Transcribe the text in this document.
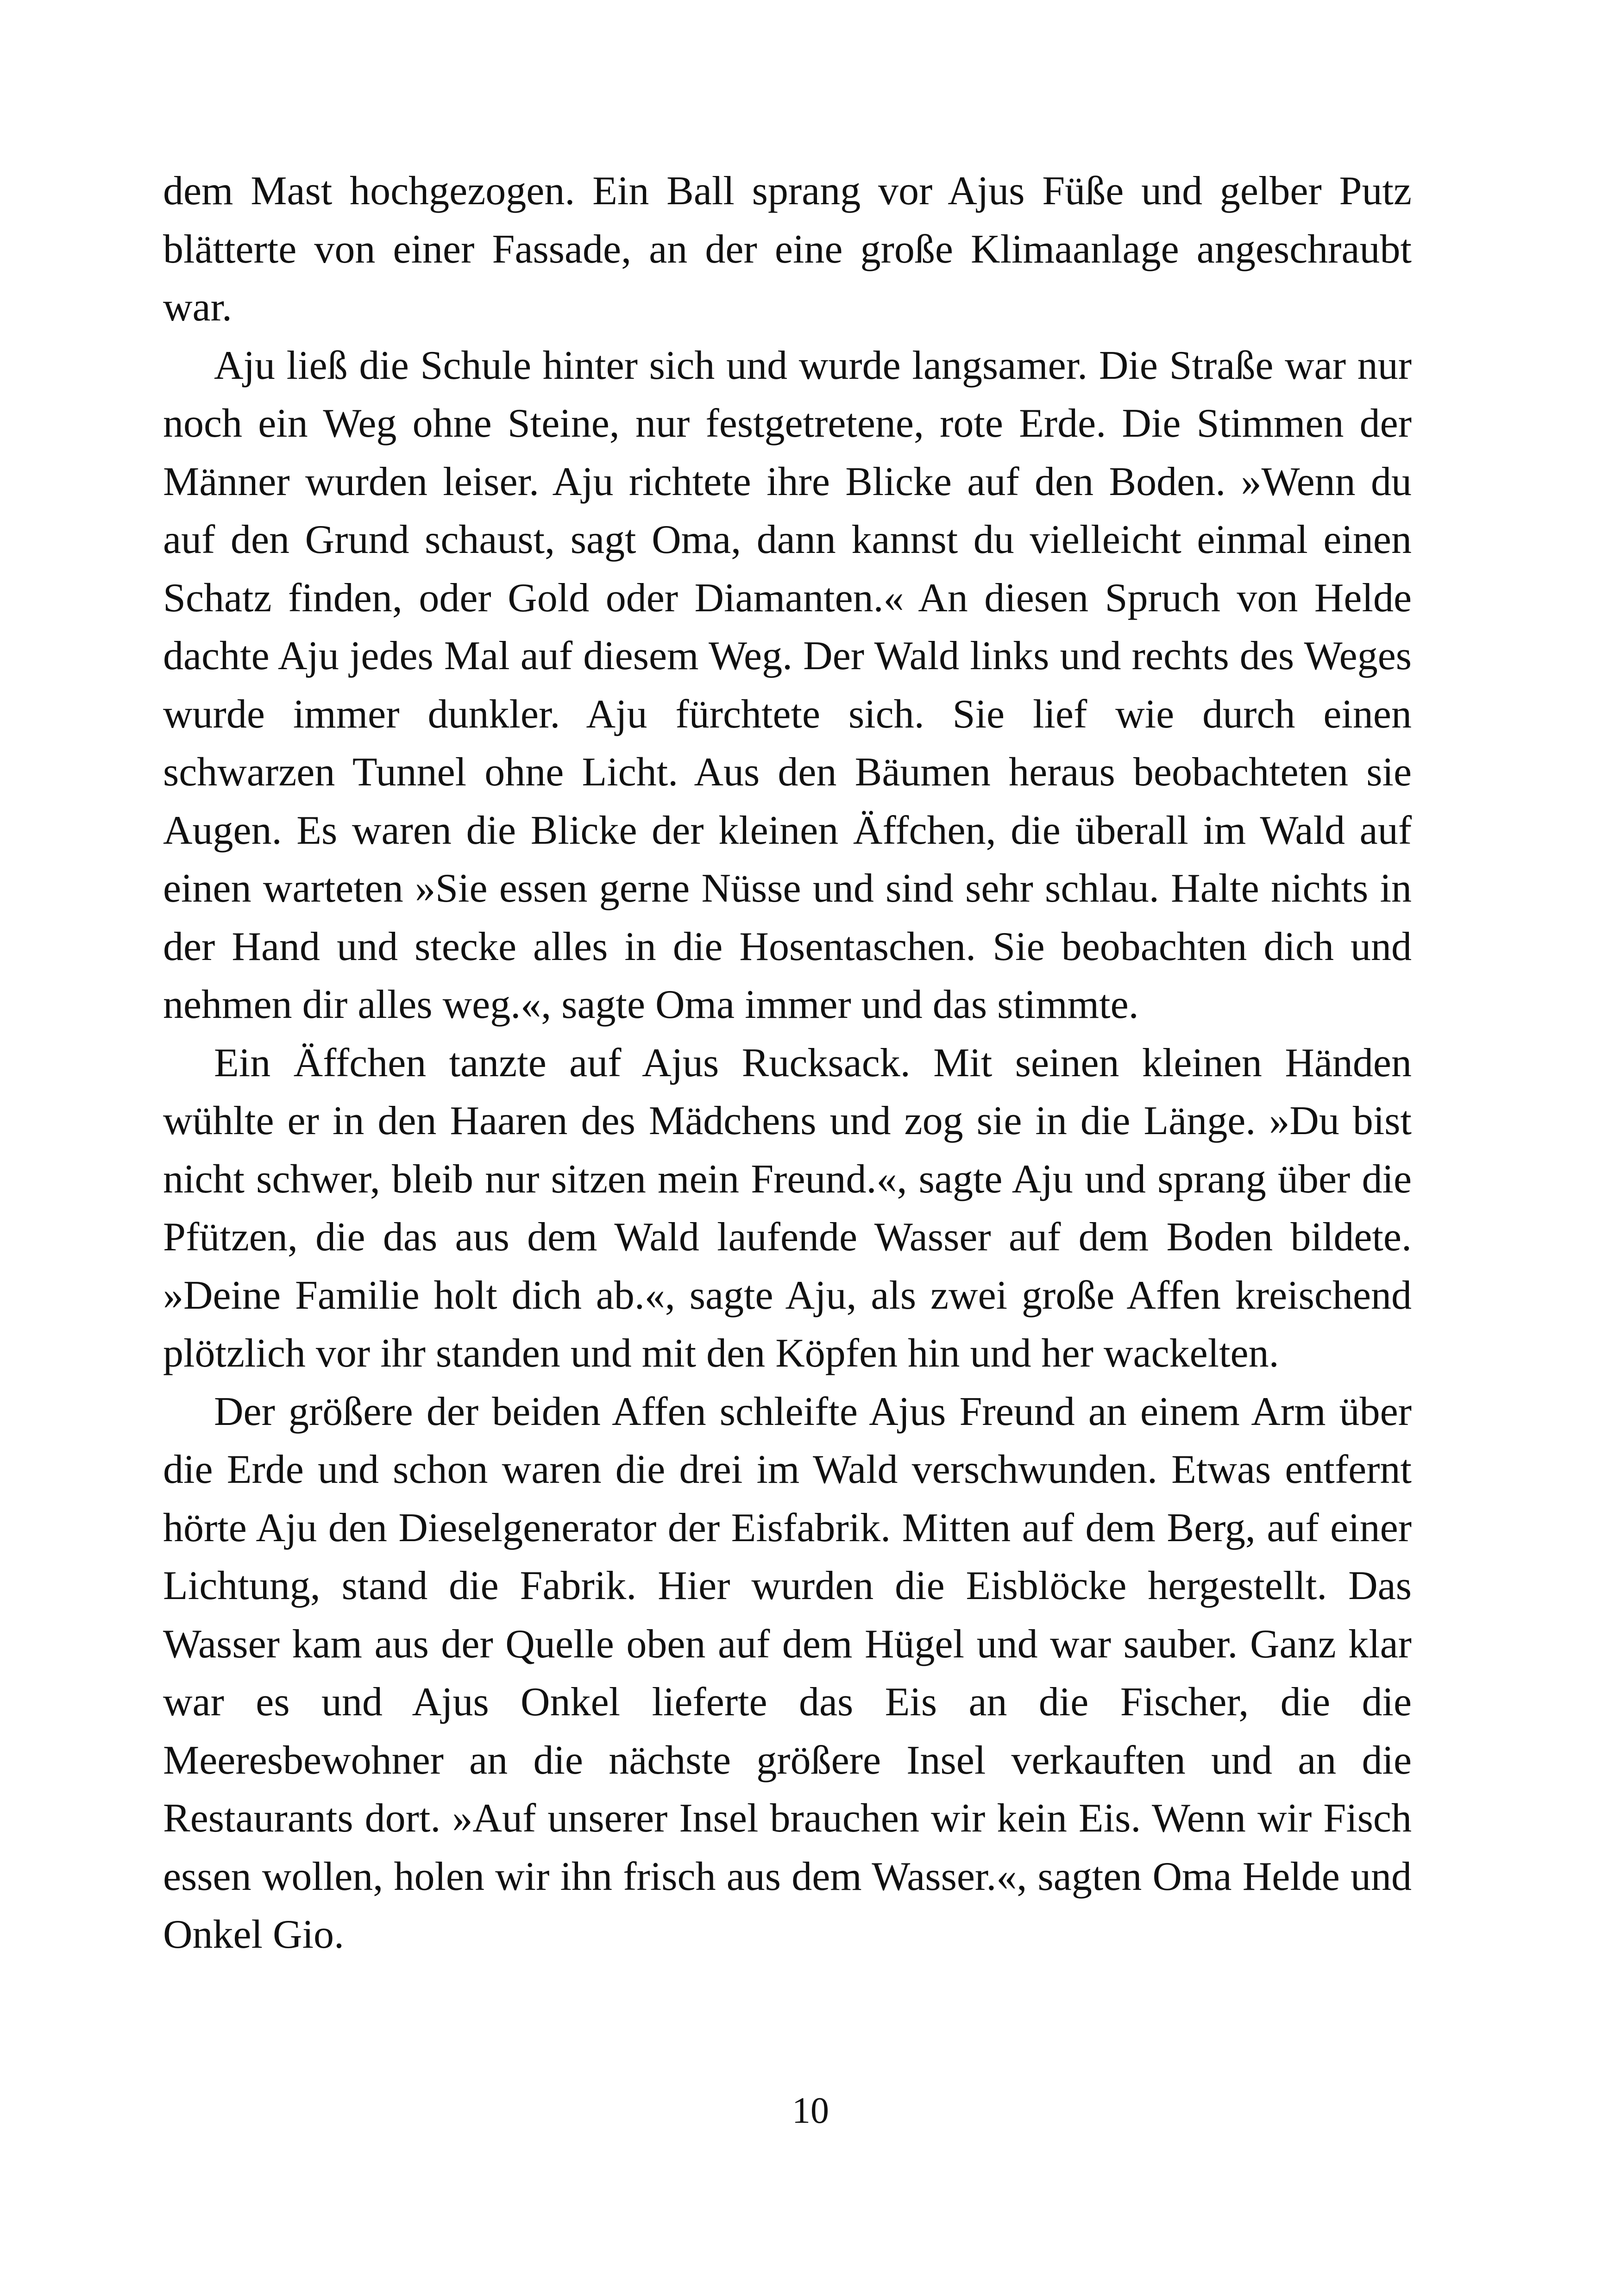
dem Mast hochgezogen. Ein Ball sprang vor Ajus Füße und gelber Putz blätterte von einer Fassade, an der eine große Klimaanlage angeschraubt war.

Aju ließ die Schule hinter sich und wurde langsamer. Die Straße war nur noch ein Weg ohne Steine, nur festgetretene, rote Erde. Die Stimmen der Männer wurden leiser. Aju richtete ihre Blicke auf den Boden. »Wenn du auf den Grund schaust, sagt Oma, dann kannst du vielleicht einmal einen Schatz finden, oder Gold oder Diamanten.« An diesen Spruch von Helde dachte Aju jedes Mal auf diesem Weg. Der Wald links und rechts des Weges wurde immer dunkler. Aju fürchtete sich. Sie lief wie durch einen schwarzen Tunnel ohne Licht. Aus den Bäumen heraus beobachteten sie Augen. Es waren die Blicke der kleinen Äffchen, die überall im Wald auf einen warteten »Sie essen gerne Nüsse und sind sehr schlau. Halte nichts in der Hand und stecke alles in die Hosentaschen. Sie beobachten dich und nehmen dir alles weg.«, sagte Oma immer und das stimmte.

Ein Äffchen tanzte auf Ajus Rucksack. Mit seinen kleinen Händen wühlte er in den Haaren des Mädchens und zog sie in die Länge. »Du bist nicht schwer, bleib nur sitzen mein Freund.«, sagte Aju und sprang über die Pfützen, die das aus dem Wald laufende Wasser auf dem Boden bildete. »Deine Familie holt dich ab.«, sagte Aju, als zwei große Affen kreischend plötzlich vor ihr standen und mit den Köpfen hin und her wackelten.

Der größere der beiden Affen schleifte Ajus Freund an einem Arm über die Erde und schon waren die drei im Wald verschwunden. Etwas entfernt hörte Aju den Dieselgenerator der Eisfabrik. Mitten auf dem Berg, auf einer Lichtung, stand die Fabrik. Hier wurden die Eisblöcke hergestellt. Das Wasser kam aus der Quelle oben auf dem Hügel und war sauber. Ganz klar war es und Ajus Onkel lieferte das Eis an die Fischer, die die Meeresbewohner an die nächste größere Insel verkauften und an die Restaurants dort. »Auf unserer Insel brauchen wir kein Eis. Wenn wir Fisch essen wollen, holen wir ihn frisch aus dem Wasser.«, sagten Oma Helde und Onkel Gio.

10
